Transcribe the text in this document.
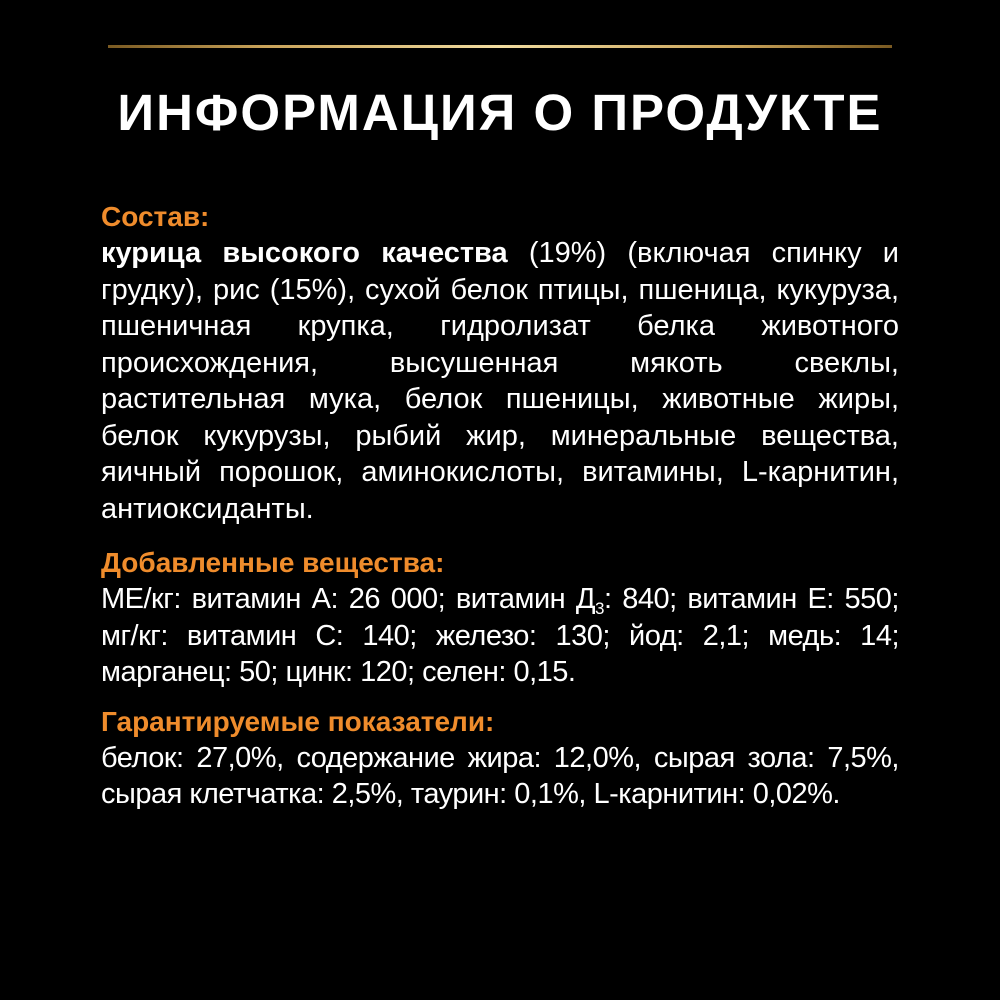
ИНФОРМАЦИЯ О ПРОДУКТЕ
Состав:
курица высокого качества (19%) (включая спинку и грудку), рис (15%), сухой белок птицы, пшеница, кукуруза, пшеничная крупка, гидролизат белка животного происхождения, высушенная мякоть свеклы, растительная мука, белок пшеницы, животные жиры, белок кукурузы, рыбий жир, минеральные вещества, яичный порошок, аминокислоты, витамины, L-карнитин, антиоксиданты.
Добавленные вещества:
МЕ/кг: витамин А: 26 000; витамин $Д_3$: 840; витамин Е: 550; мг/кг: витамин С: 140; железо: 130; йод: 2,1; медь: 14; марганец: 50; цинк: 120; селен: 0,15.
Гарантируемые показатели:
белок: 27,0%, содержание жира: 12,0%, сырая зола: 7,5%, сырая клетчатка: 2,5%, таурин: 0,1%, L-карнитин: 0,02%.
